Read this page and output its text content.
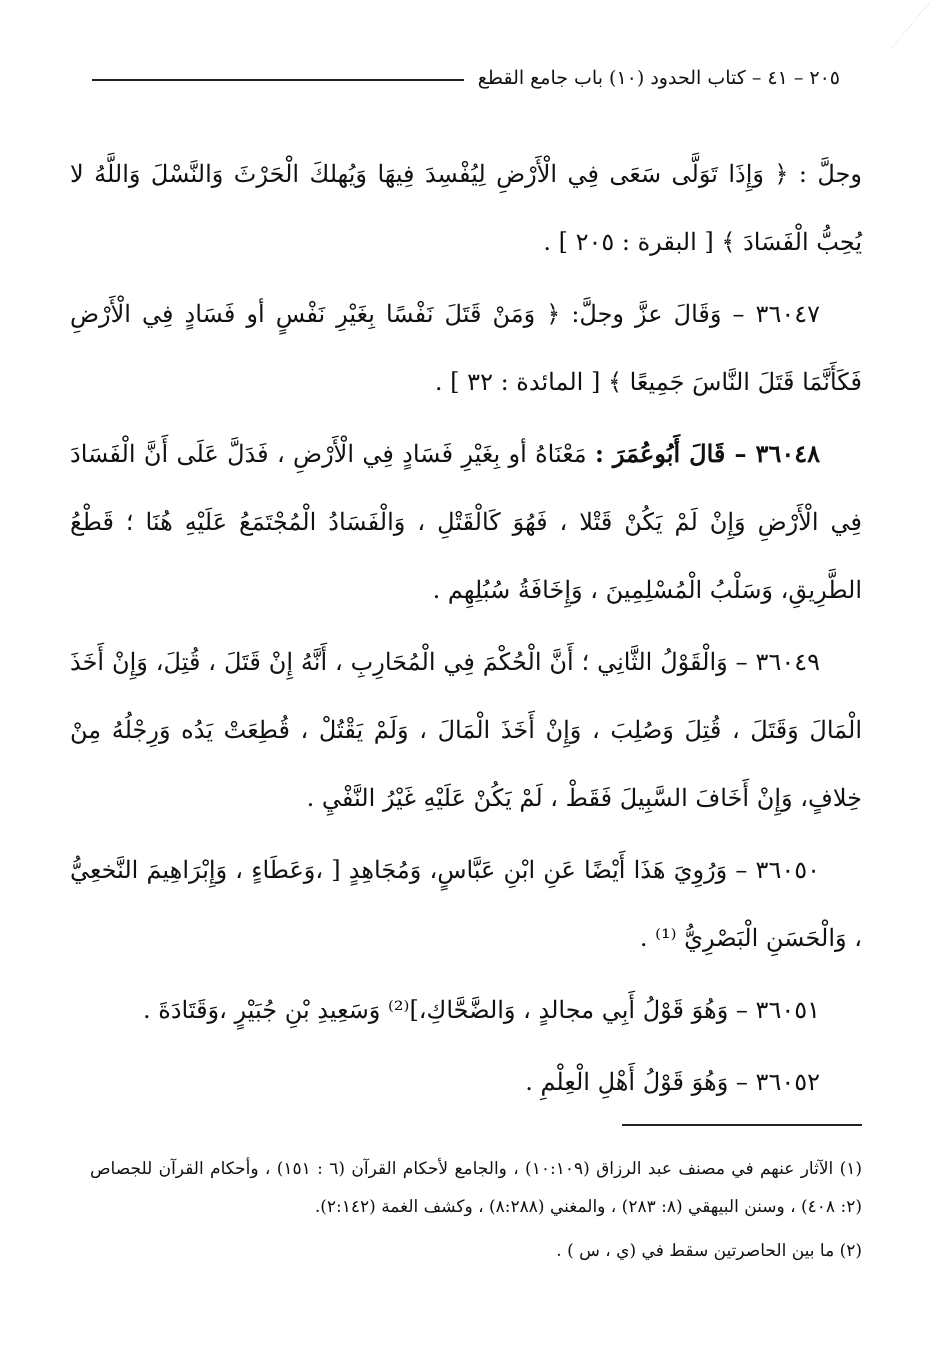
٢٠٥ – ٤١ – كتاب الحدود (١٠) باب جامع القطع

وجلَّ : ﴿ وَإِذَا تَوَلَّى سَعَى فِي الْأَرْضِ لِيُفْسِدَ فِيهَا وَيُهلكَ الْحَرْثَ وَالنَّسْلَ وَاللَّهُ لا يُحِبُّ الْفَسَادَ ﴾ [ البقرة : ٢٠٥ ] .

٣٦٠٤٧ – وَقَالَ عزَّ وجلَّ: ﴿ وَمَنْ قَتَلَ نَفْسًا بِغَيْرِ نَفْسٍ أو فَسَادٍ فِي الْأَرْضِ فَكَأَنَّمَا قَتَلَ النَّاسَ جَمِيعًا ﴾ [ المائدة : ٣٢ ] .

٣٦٠٤٨ – قَالَ أَبُوعُمَرَ : مَعْنَاهُ أو بِغَيْرِ فَسَادٍ فِي الْأَرْضِ ، فَدَلَّ عَلَى أَنَّ الْفَسَادَ فِي الْأَرْضِ وَإِنْ لَمْ يَكُنْ قَتْلا ، فَهُوَ كَالْقَتْلِ ، وَالْفَسَادُ الْمُجْتَمَعُ عَلَيْهِ هُنَا ؛ قَطْعُ الطَّرِيقِ، وَسَلْبُ الْمُسْلِمِينَ ، وَإِخَافَةُ سُبُلِهِم .

٣٦٠٤٩ – وَالْقَوْلُ الثَّانِي ؛ أَنَّ الْحُكْمَ فِي الْمُحَارِبِ ، أَنَّهُ إِنْ قَتَلَ ، قُتِلَ، وَإِنْ أَخَذَ الْمَالَ وَقَتَلَ ، قُتِلَ وَصُلِبَ ، وَإِنْ أَخَذَ الْمَالَ ، وَلَمْ يَقْتُلْ ، قُطِعَتْ يَدُه وَرِجْلُهُ مِنْ خِلافٍ، وَإِنْ أَخَافَ السَّبِيلَ فَقَطْ ، لَمْ يَكُنْ عَلَيْهِ غَيْرُ النَّفْيِ .

٣٦٠٥٠ – وَرُوِيَ هَذَا أَيْضًا عَنِ ابْنِ عَبَّاسٍ، وَمُجَاهِدٍ [ ،وَعَطَاءٍ ، وَإِبْرَاهِيمَ النَّخعِيُّ ، وَالْحَسَنِ الْبَصْرِيُّ ⁽¹⁾ .

٣٦٠٥١ – وَهُوَ قَوْلُ أَبِي مجالدٍ ، وَالضَّحَّاكِ،]⁽²⁾ وَسَعِيدِ بْنِ جُبَيْرٍ ،وَقَتَادَةَ .

٣٦٠٥٢ – وَهُوَ قَوْلُ أَهْلِ الْعِلْمِ .

(١) الآثار عنهم في مصنف عبد الرزاق (١٠:١٠٩) ، والجامع لأحكام القرآن (٦ : ١٥١) ، وأحكام القرآن للجصاص (٢: ٤٠٨) ، وسنن البيهقي (٨: ٢٨٣) ، والمغني (٨:٢٨٨) ، وكشف الغمة (٢:١٤٢).

(٢) ما بين الحاصرتين سقط في (ي ، س ) .
